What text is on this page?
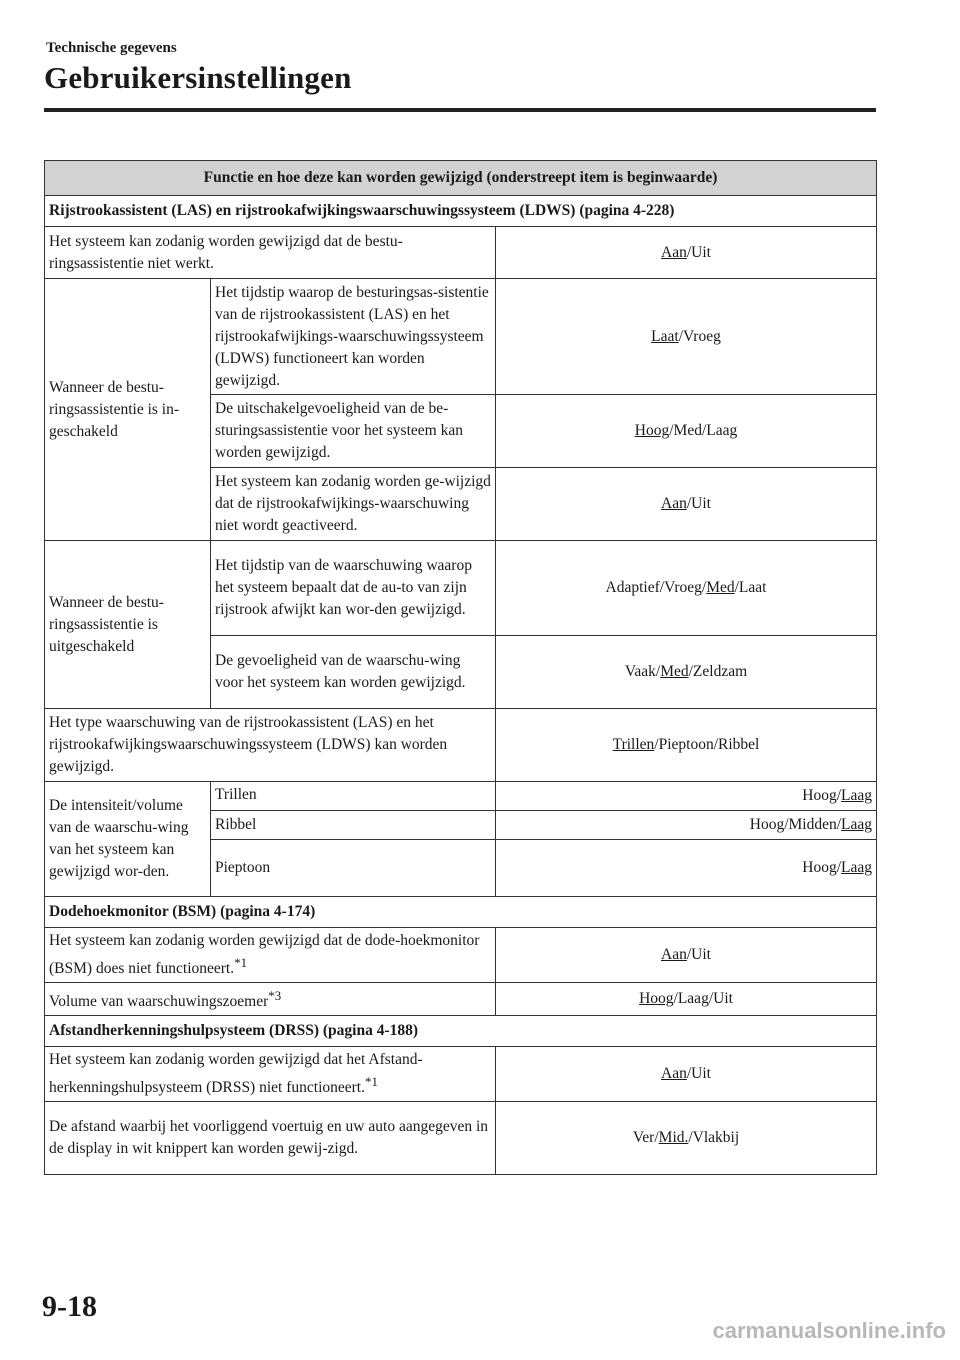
Technische gegevens
Gebruikersinstellingen
Functie en hoe deze kan worden gewijzigd (onderstreept item is beginwaarde)		
Rijstrookassistent (LAS) en rijstrookafwijkingswaarschuwingssysteem (LDWS) (pagina 4-228)		
Het systeem kan zodanig worden gewijzigd dat de bestu-ringsassistentie niet werkt.		Aan/Uit
Wanneer de bestu-ringsassistentie is in-geschakeld	Het tijdstip waarop de besturingsas-sistentie van de rijstrookassistent (LAS) en het rijstrookafwijkings-waarschuwingssysteem (LDWS) functioneert kan worden gewijzigd.	Laat/Vroeg
	De uitschakelgevoeligheid van de be-sturingsassistentie voor het systeem kan worden gewijzigd.	Hoog/Med/Laag
	Het systeem kan zodanig worden ge-wijzigd dat de rijstrookafwijkings-waarschuwing niet wordt geactiveerd.	Aan/Uit
Wanneer de bestu-ringsassistentie is uitgeschakeld	Het tijdstip van de waarschuwing waarop het systeem bepaalt dat de au-to van zijn rijstrook afwijkt kan wor-den gewijzigd.	Adaptief/Vroeg/Med/Laat
	De gevoeligheid van de waarschu-wing voor het systeem kan worden gewijzigd.	Vaak/Med/Zeldzam
Het type waarschuwing van de rijstrookassistent (LAS) en het rijstrookafwijkingswaarschuwingssysteem (LDWS) kan worden gewijzigd.		Trillen/Pieptoon/Ribbel
De intensiteit/volume van de waarschu-wing van het systeem kan gewijzigd wor-den.	Trillen	Hoog/Laag
	Ribbel	Hoog/Midden/Laag
	Pieptoon	Hoog/Laag
Dodehoekmonitor (BSM) (pagina 4-174)		
Het systeem kan zodanig worden gewijzigd dat de dode-hoekmonitor (BSM) does niet functioneert.$^{*1}$		Aan/Uit
Volume van waarschuwingszoemer$^{*3}$		Hoog/Laag/Uit
Afstandherkenningshulpsysteem (DRSS) (pagina 4-188)		
Het systeem kan zodanig worden gewijzigd dat het Afstand-herkenningshulpsysteem (DRSS) niet functioneert.$^{*1}$		Aan/Uit
De afstand waarbij het voorliggend voertuig en uw auto aangegeven in de display in wit knippert kan worden gewij-zigd.		Ver/Mid./Vlakbij
9-18
carmanualsonline.info
